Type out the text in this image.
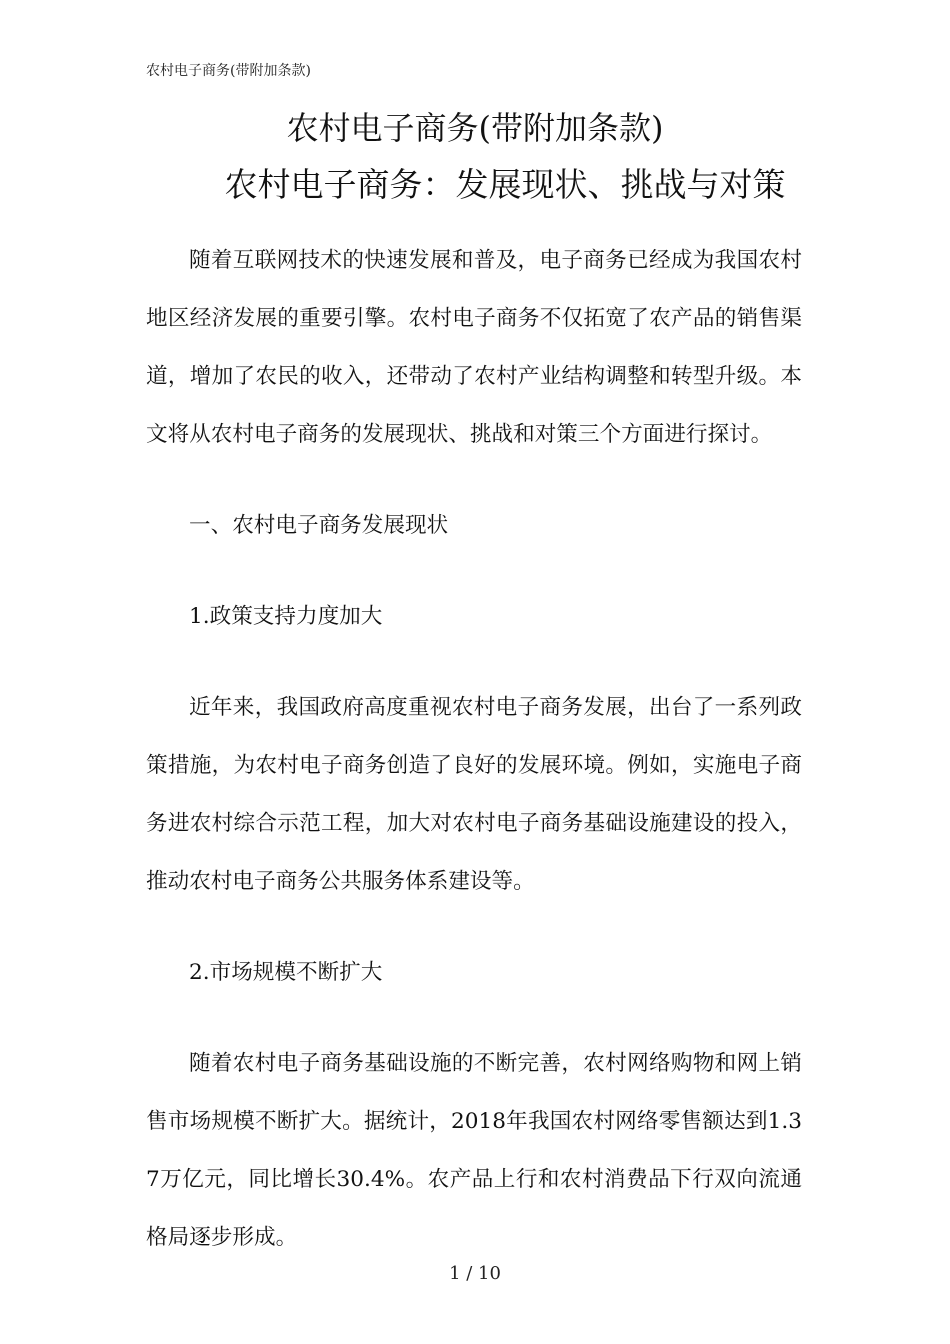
农村电子商务(带附加条款)
农村电子商务(带附加条款)
农村电子商务：发展现状、挑战与对策

随着互联网技术的快速发展和普及，电子商务已经成为我国农村地区经济发展的重要引擎。农村电子商务不仅拓宽了农产品的销售渠道，增加了农民的收入，还带动了农村产业结构调整和转型升级。本文将从农村电子商务的发展现状、挑战和对策三个方面进行探讨。

一、农村电子商务发展现状

1.政策支持力度加大

近年来，我国政府高度重视农村电子商务发展，出台了一系列政策措施，为农村电子商务创造了良好的发展环境。例如，实施电子商务进农村综合示范工程，加大对农村电子商务基础设施建设的投入，推动农村电子商务公共服务体系建设等。

2.市场规模不断扩大

随着农村电子商务基础设施的不断完善，农村网络购物和网上销售市场规模不断扩大。据统计，2018年我国农村网络零售额达到1.37万亿元，同比增长30.4%。农产品上行和农村消费品下行双向流通格局逐步形成。

1 / 10
